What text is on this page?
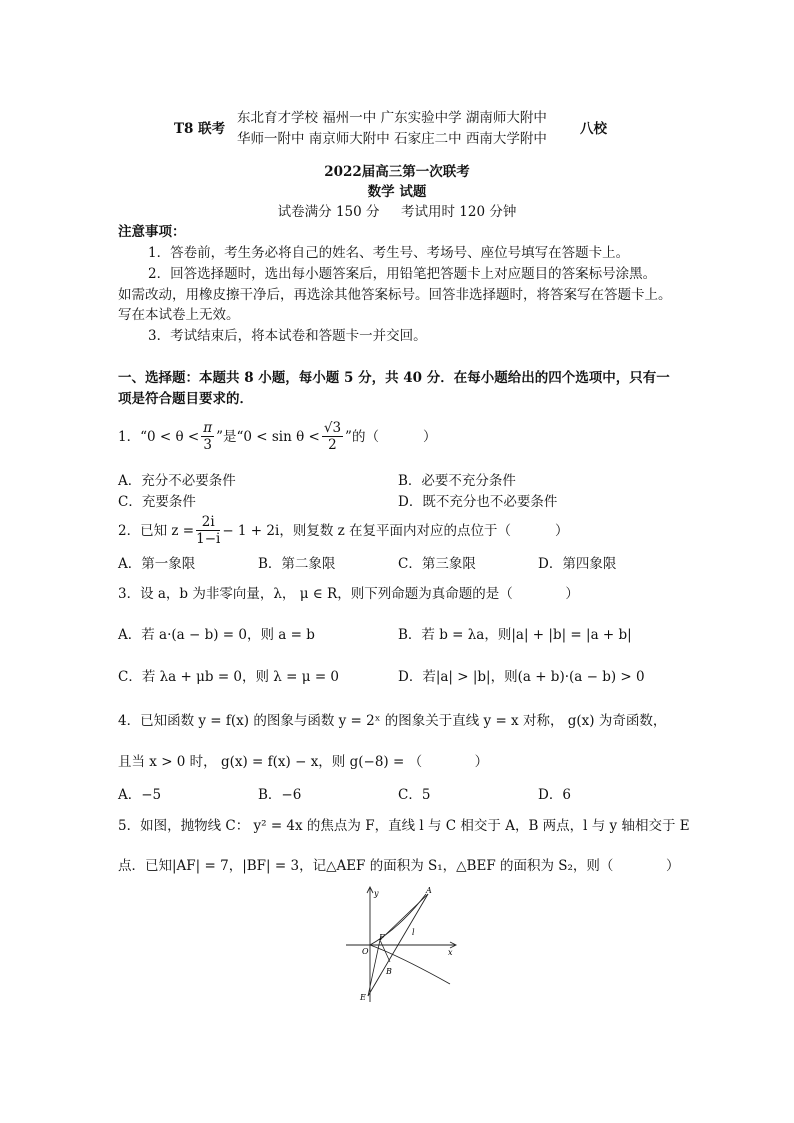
T8 联考
东北育才学校 福州一中 广东实验中学 湖南师大附中
华师一附中 南京师大附中 石家庄二中 西南大学附中
八校
2022届高三第一次联考
数学 试题
试卷满分 150 分     考试用时 120 分钟
注意事项：
1．答卷前，考生务必将自己的姓名、考生号、考场号、座位号填写在答题卡上。
2．回答选择题时，选出每小题答案后，用铅笔把答题卡上对应题目的答案标号涂黑。
如需改动，用橡皮擦干净后，再选涂其他答案标号。回答非选择题时，将答案写在答题卡上。
写在本试卷上无效。
3．考试结束后，将本试卷和答题卡一并交回。
一、选择题：本题共 8 小题，每小题 5 分，共 40 分．在每小题给出的四个选项中，只有一
项是符合题目要求的．
1．“$0 < \theta < \frac{\pi}{3}$ ”是“$0 < \sin \theta < \frac{√3}{2}$ ”的（	）
A．充分不必要条件	B．必要不充分条件
C．充要条件	D．既不充分也不必要条件
2．已知 $z = \frac{2i}{1-i} - 1 + 2i$，则复数 z 在复平面内对应的点位于（	）
A．第一象限	B．第二象限	C．第三象限	D．第四象限
3．设 a，b 为非零向量，λ， μ ∈ R，则下列命题为真命题的是（	）
A．若 a·(a − b) = 0，则 a = b	B．若 b = λa，则|a| + |b| = |a + b|
C．若 λa + μb = 0，则 λ = μ = 0	D．若|a| > |b|，则(a + b)·(a − b) > 0
4．已知函数 y = f(x) 的图象与函数 y = 2ˣ 的图象关于直线 y = x 对称， g(x) 为奇函数，
且当 x > 0 时， g(x) = f(x) − x，则 g(−8) = （	）
A．−5	B．−6	C．5	D．6
5．如图，抛物线 C： y² = 4x 的焦点为 F，直线 l 与 C 相交于 A，B 两点，l 与 y 轴相交于 E
点．已知|AF| = 7，|BF| = 3，记△AEF 的面积为 S₁，△BEF 的面积为 S₂，则（	）
y
x
A
B
E
F
O
l
